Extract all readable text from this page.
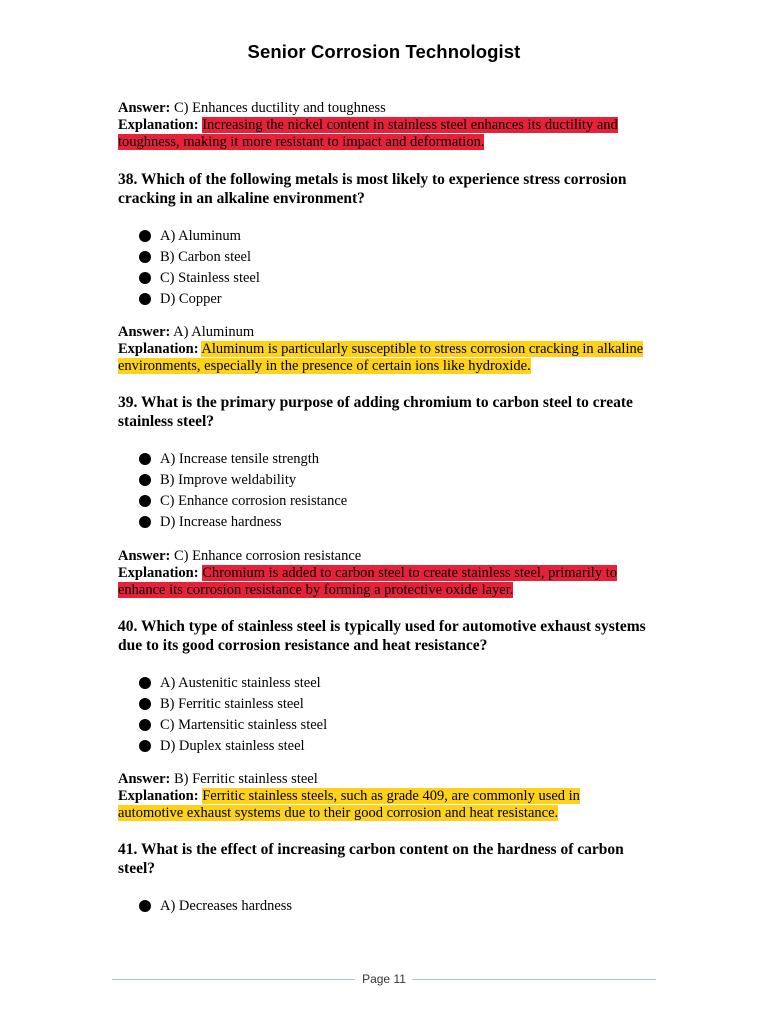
Senior Corrosion Technologist

Answer: C) Enhances ductility and toughness

Explanation: Increasing the nickel content in stainless steel enhances its ductility and toughness, making it more resistant to impact and deformation.

38. Which of the following metals is most likely to experience stress corrosion cracking in an alkaline environment?

A) Aluminum
B) Carbon steel
C) Stainless steel
D) Copper

Answer: A) Aluminum

Explanation: Aluminum is particularly susceptible to stress corrosion cracking in alkaline environments, especially in the presence of certain ions like hydroxide.

39. What is the primary purpose of adding chromium to carbon steel to create stainless steel?

A) Increase tensile strength
B) Improve weldability
C) Enhance corrosion resistance
D) Increase hardness

Answer: C) Enhance corrosion resistance

Explanation: Chromium is added to carbon steel to create stainless steel, primarily to enhance its corrosion resistance by forming a protective oxide layer.

40. Which type of stainless steel is typically used for automotive exhaust systems due to its good corrosion resistance and heat resistance?

A) Austenitic stainless steel
B) Ferritic stainless steel
C) Martensitic stainless steel
D) Duplex stainless steel

Answer: B) Ferritic stainless steel

Explanation: Ferritic stainless steels, such as grade 409, are commonly used in automotive exhaust systems due to their good corrosion and heat resistance.

41. What is the effect of increasing carbon content on the hardness of carbon steel?

A) Decreases hardness
Page 11
